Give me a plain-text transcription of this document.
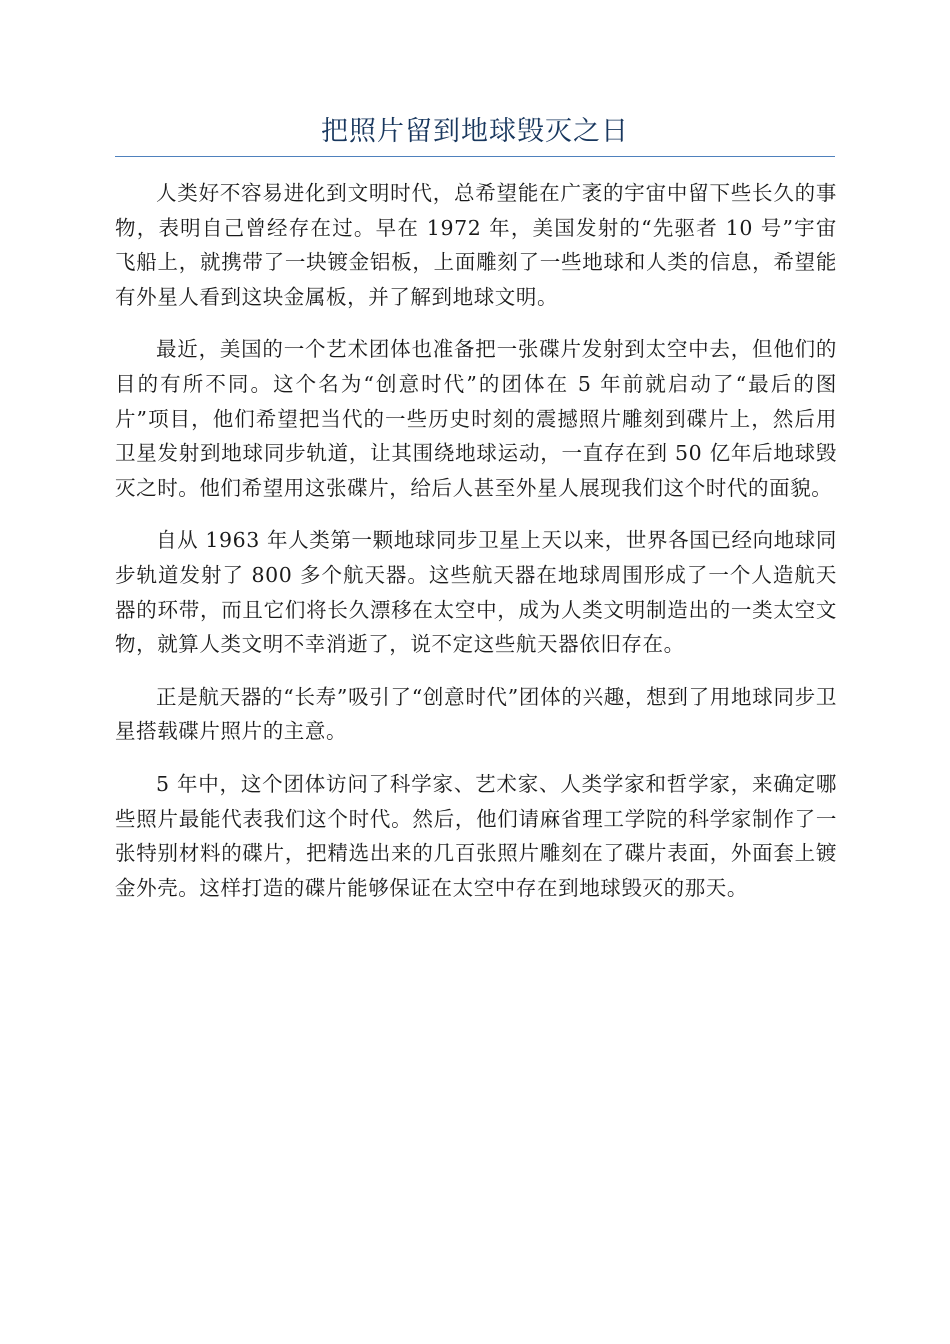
把照片留到地球毁灭之日

人类好不容易进化到文明时代，总希望能在广袤的宇宙中留下些长久的事物，表明自己曾经存在过。早在 1972 年，美国发射的“先驱者 10 号”宇宙飞船上，就携带了一块镀金铝板，上面雕刻了一些地球和人类的信息，希望能有外星人看到这块金属板，并了解到地球文明。

最近，美国的一个艺术团体也准备把一张碟片发射到太空中去，但他们的目的有所不同。这个名为“创意时代”的团体在 5 年前就启动了“最后的图片”项目，他们希望把当代的一些历史时刻的震撼照片雕刻到碟片上，然后用卫星发射到地球同步轨道，让其围绕地球运动，一直存在到 50 亿年后地球毁灭之时。他们希望用这张碟片，给后人甚至外星人展现我们这个时代的面貌。

自从 1963 年人类第一颗地球同步卫星上天以来，世界各国已经向地球同步轨道发射了 800 多个航天器。这些航天器在地球周围形成了一个人造航天器的环带，而且它们将长久漂移在太空中，成为人类文明制造出的一类太空文物，就算人类文明不幸消逝了，说不定这些航天器依旧存在。

正是航天器的“长寿”吸引了“创意时代”团体的兴趣，想到了用地球同步卫星搭载碟片照片的主意。

5 年中，这个团体访问了科学家、艺术家、人类学家和哲学家，来确定哪些照片最能代表我们这个时代。然后，他们请麻省理工学院的科学家制作了一张特别材料的碟片，把精选出来的几百张照片雕刻在了碟片表面，外面套上镀金外壳。这样打造的碟片能够保证在太空中存在到地球毁灭的那天。
